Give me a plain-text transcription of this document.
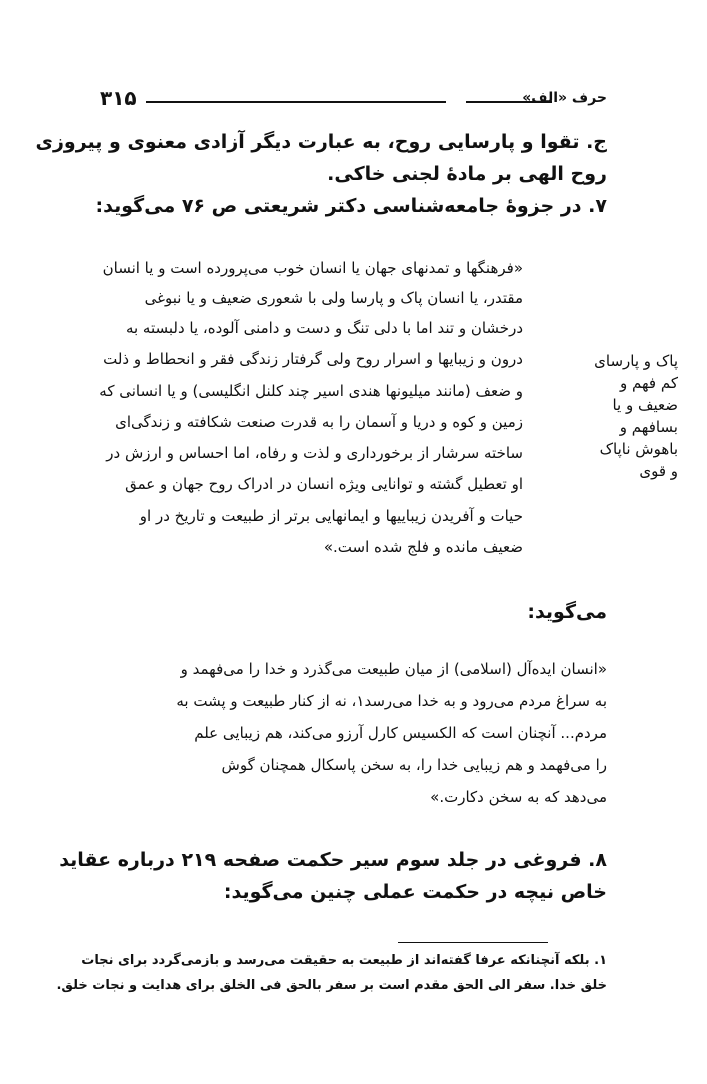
۳۱۵	حرف «الف»
ج. تقوا و پارسایی روح، به عبارت دیگر آزادی معنوی و پیروزی
روح الهی بر مادهٔ لجنی خاکی.
۷. در جزوهٔ جامعه‌شناسی دکتر شریعتی ص ۷۶ می‌گوید:
«فرهنگها و تمدنهای جهان یا انسان خوب می‌پرورده است و یا انسان
مقتدر، یا انسان پاک و پارسا ولی با شعوری ضعیف و یا نبوغی
درخشان و تند اما با دلی تنگ و دست و دامنی آلوده، یا دلبسته به
درون و زیبایها و اسرار روح ولی گرفتار زندگی فقر و انحطاط و ذلت
و ضعف (مانند میلیونها هندی اسیر چند کلنل انگلیسی) و یا انسانی که
زمین و کوه و دریا و آسمان را به قدرت صنعت شکافته و زندگی‌ای
ساخته سرشار از برخورداری و لذت و رفاه، اما احساس و ارزش در
او تعطیل گشته و توانایی ویژه انسان در ادراک روح جهان و عمق
حیات و آفریدن زیباییها و ایمانهایی برتر از طبیعت و تاریخ در او
ضعیف مانده و فلج شده است.»
پاک و پارسای
کم فهم و
ضعیف و یا
بسافهم و
باهوش ناپاک
و قوی
می‌گوید:
«انسان ایده‌آل (اسلامی) از میان طبیعت می‌گذرد و خدا را می‌فهمد و
به سراغ مردم می‌رود و به خدا می‌رسد۱، نه از کنار طبیعت و پشت به
مردم... آنچنان است که الکسیس کارل آرزو می‌کند، هم زیبایی علم
را می‌فهمد و هم زیبایی خدا را، به سخن پاسکال همچنان گوش
می‌دهد که به سخن دکارت.»
۸. فروغی در جلد سوم سیر حکمت صفحه ۲۱۹ درباره عقاید
خاص نیچه در حکمت عملی چنین می‌گوید:
۱. بلکه آنچنانکه عرفا گفته‌اند از طبیعت به حقیقت می‌رسد و بازمی‌گردد برای نجات
خلق خدا. سفر الی الحق مقدم است بر سفر بالحق فی الخلق برای هدایت و نجات خلق.
